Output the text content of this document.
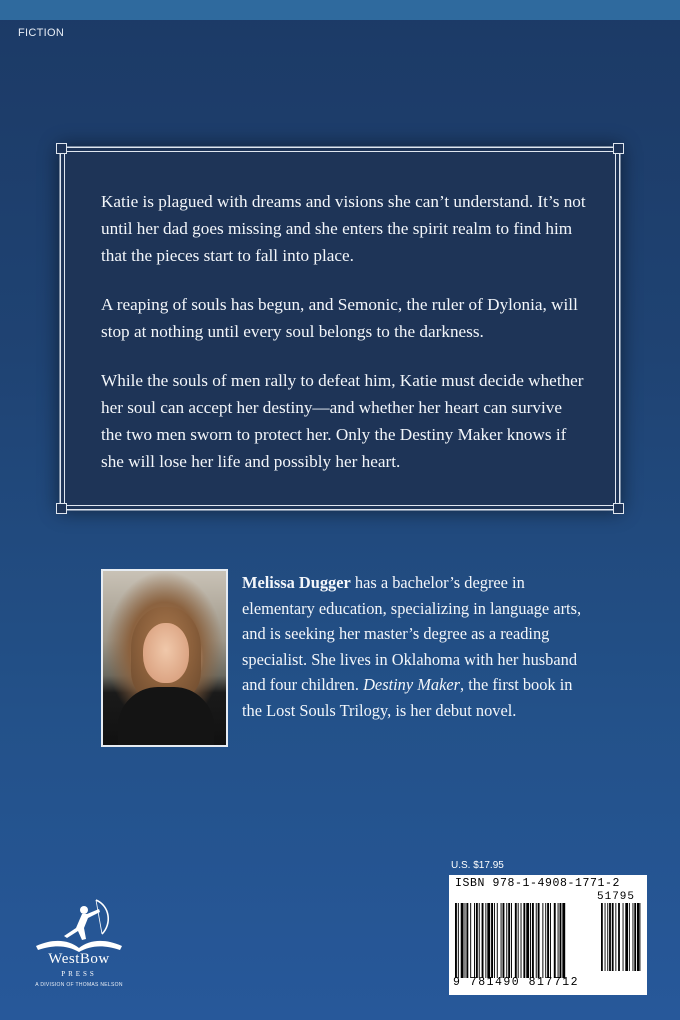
FICTION

Katie is plagued with dreams and visions she can’t understand. It’s not until her dad goes missing and she enters the spirit realm to find him that the pieces start to fall into place.

A reaping of souls has begun, and Semonic, the ruler of Dylonia, will stop at nothing until every soul belongs to the darkness.

While the souls of men rally to defeat him, Katie must decide whether her soul can accept her destiny—and whether her heart can survive the two men sworn to protect her. Only the Destiny Maker knows if she will lose her life and possibly her heart.

Melissa Dugger has a bachelor’s degree in elementary education, specializing in language arts, and is seeking her master’s degree as a reading specialist. She lives in Oklahoma with her husband and four children. Destiny Maker, the first book in the Lost Souls Trilogy, is her debut novel.
WestBow
PRESS
A DIVISION OF THOMAS NELSON
U.S. $17.95
ISBN 978-1-4908-1771-2
51795
9 781490 817712
